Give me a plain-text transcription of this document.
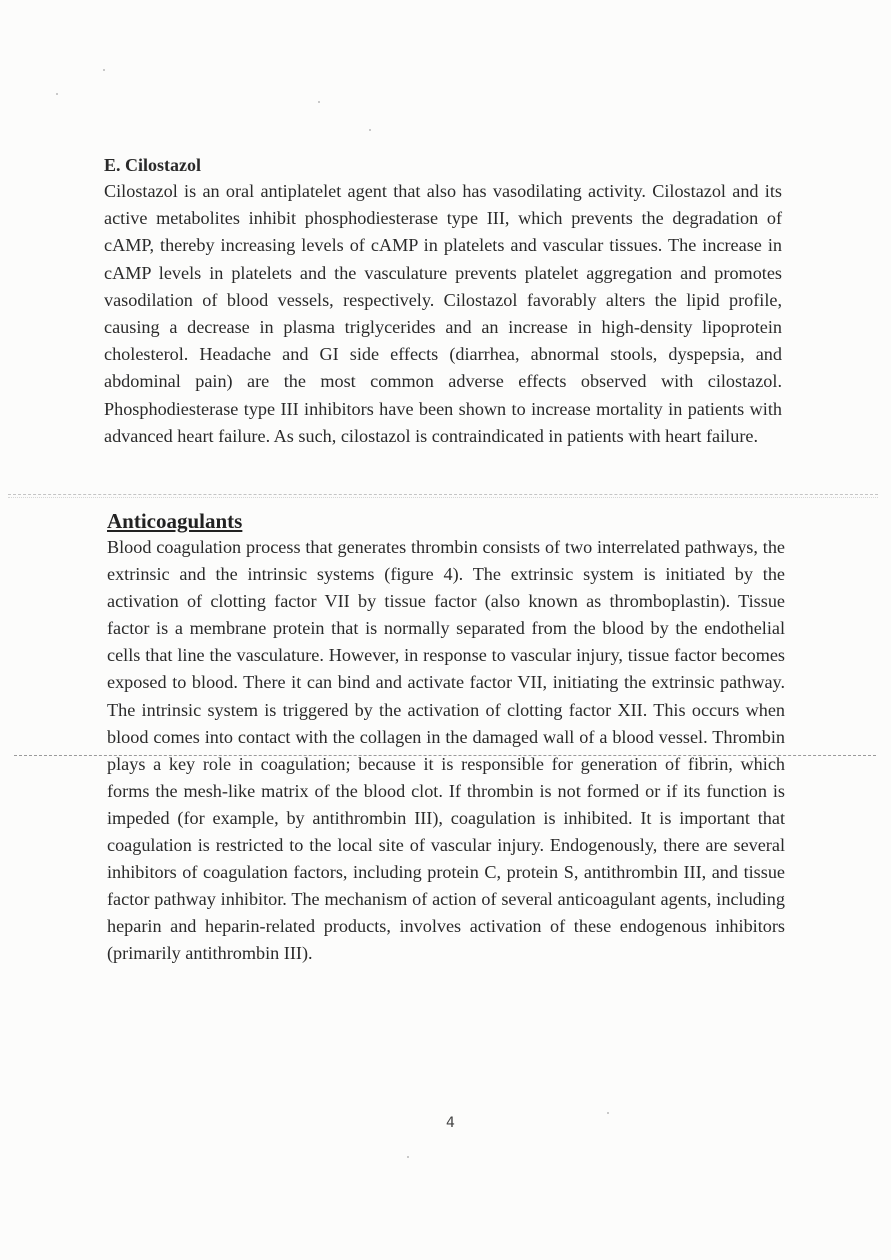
E. Cilostazol

Cilostazol is an oral antiplatelet agent that also has vasodilating activity. Cilostazol and its active metabolites inhibit phosphodiesterase type III, which prevents the degradation of cAMP, thereby increasing levels of cAMP in platelets and vascular tissues. The increase in cAMP levels in platelets and the vasculature prevents platelet aggregation and promotes vasodilation of blood vessels, respectively. Cilostazol favorably alters the lipid profile, causing a decrease in plasma triglycerides and an increase in high-density lipoprotein cholesterol. Headache and GI side effects (diarrhea, abnormal stools, dyspepsia, and abdominal pain) are the most common adverse effects observed with cilostazol. Phosphodiesterase type III inhibitors have been shown to increase mortality in patients with advanced heart failure. As such, cilostazol is contraindicated in patients with heart failure.

Anticoagulants

Blood coagulation process that generates thrombin consists of two interrelated pathways, the extrinsic and the intrinsic systems (figure 4). The extrinsic system is initiated by the activation of clotting factor VII by tissue factor (also known as thromboplastin). Tissue factor is a membrane protein that is normally separated from the blood by the endothelial cells that line the vasculature. However, in response to vascular injury, tissue factor becomes exposed to blood. There it can bind and activate factor VII, initiating the extrinsic pathway. The intrinsic system is triggered by the activation of clotting factor XII. This occurs when blood comes into contact with the collagen in the damaged wall of a blood vessel. Thrombin plays a key role in coagulation; because it is responsible for generation of fibrin, which forms the mesh-like matrix of the blood clot. If thrombin is not formed or if its function is impeded (for example, by antithrombin III), coagulation is inhibited. It is important that coagulation is restricted to the local site of vascular injury. Endogenously, there are several inhibitors of coagulation factors, including protein C, protein S, antithrombin III, and tissue factor pathway inhibitor. The mechanism of action of several anticoagulant agents, including heparin and heparin-related products, involves activation of these endogenous inhibitors (primarily antithrombin III).

4
